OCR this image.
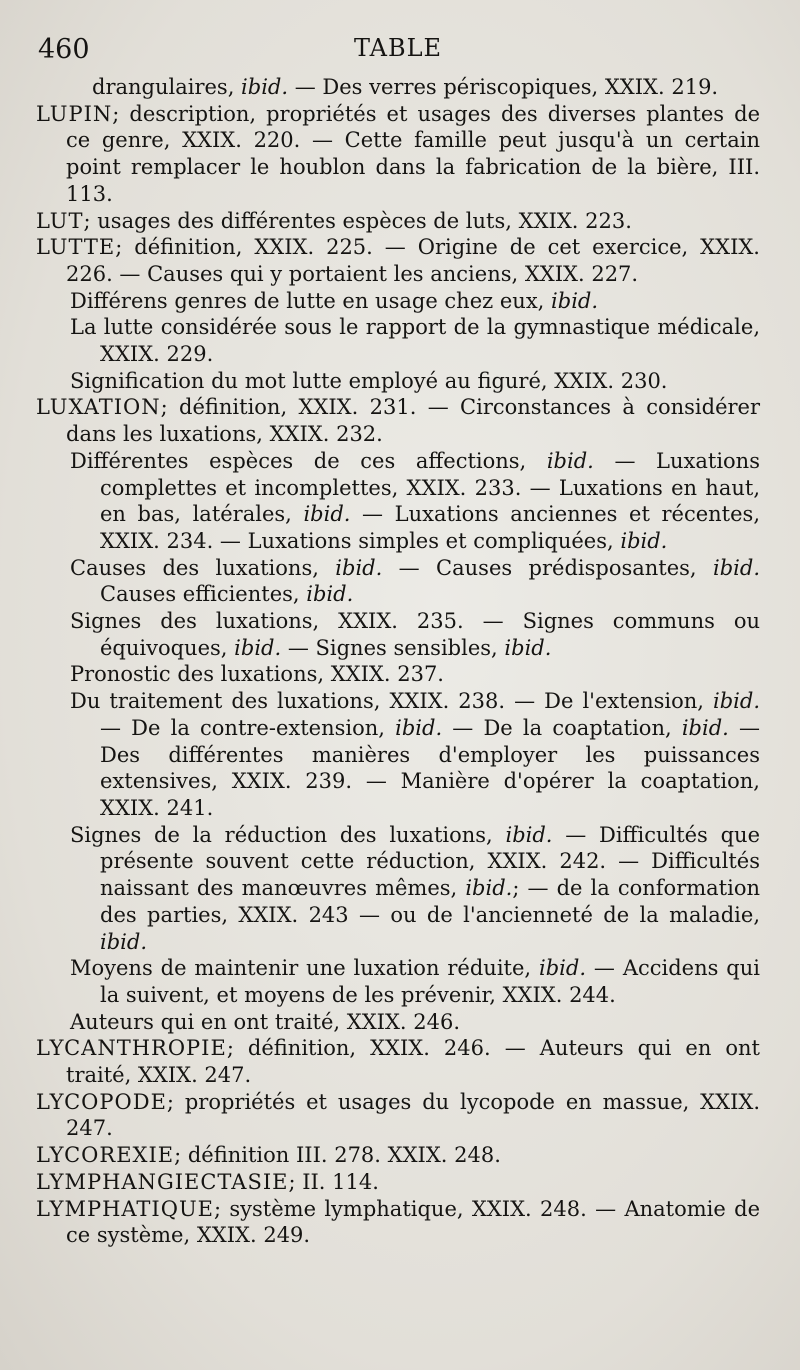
460	TABLE

drangulaires, ibid. — Des verres périscopiques, XXIX. 219.

LUPIN; description, propriétés et usages des diverses plantes de ce genre, XXIX. 220. — Cette famille peut jusqu'à un certain point remplacer le houblon dans la fabrication de la bière, III. 113.

LUT; usages des différentes espèces de luts, XXIX. 223.

LUTTE; définition, XXIX. 225. — Origine de cet exercice, XXIX. 226. — Causes qui y portaient les anciens, XXIX. 227.

Différens genres de lutte en usage chez eux, ibid.

La lutte considérée sous le rapport de la gymnastique médicale, XXIX. 229.

Signification du mot lutte employé au figuré, XXIX. 230.

LUXATION; définition, XXIX. 231. — Circonstances à considérer dans les luxations, XXIX. 232.

Différentes espèces de ces affections, ibid. — Luxations complettes et incomplettes, XXIX. 233. — Luxations en haut, en bas, latérales, ibid. — Luxations anciennes et récentes, XXIX. 234. — Luxations simples et compliquées, ibid.

Causes des luxations, ibid. — Causes prédisposantes, ibid. Causes efficientes, ibid.

Signes des luxations, XXIX. 235. — Signes communs ou équivoques, ibid. — Signes sensibles, ibid.

Pronostic des luxations, XXIX. 237.

Du traitement des luxations, XXIX. 238. — De l'extension, ibid. — De la contre-extension, ibid. — De la coaptation, ibid. — Des différentes manières d'employer les puissances extensives, XXIX. 239. — Manière d'opérer la coaptation, XXIX. 241.

Signes de la réduction des luxations, ibid. — Difficultés que présente souvent cette réduction, XXIX. 242. — Difficultés naissant des manœuvres mêmes, ibid.; — de la conformation des parties, XXIX. 243 — ou de l'ancienneté de la maladie, ibid.

Moyens de maintenir une luxation réduite, ibid. — Accidens qui la suivent, et moyens de les prévenir, XXIX. 244.

Auteurs qui en ont traité, XXIX. 246.

LYCANTHROPIE; définition, XXIX. 246. — Auteurs qui en ont traité, XXIX. 247.

LYCOPODE; propriétés et usages du lycopode en massue, XXIX. 247.

LYCOREXIE; définition III. 278. XXIX. 248.

LYMPHANGIECTASIE; II. 114.

LYMPHATIQUE; système lymphatique, XXIX. 248. — Anatomie de ce système, XXIX. 249.
